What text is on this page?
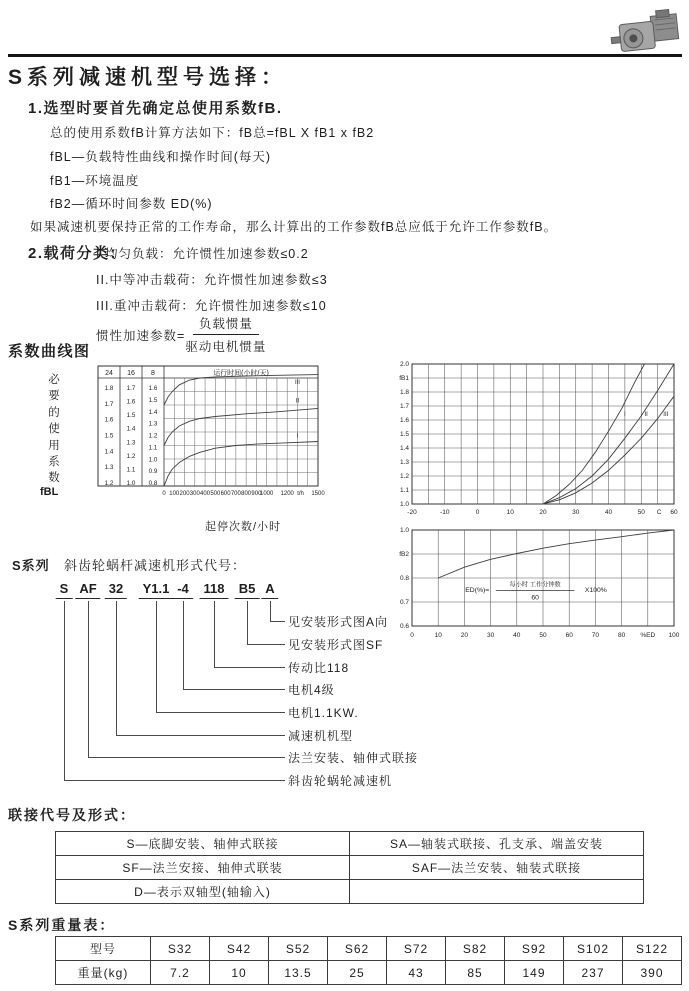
S系列减速机型号选择：
1.选型时要首先确定总使用系数fB.
总的使用系数fB计算方法如下：fB总=fBL X fB1 x fB2
fBL—负载特性曲线和操作时间(每天)
fB1—环境温度
fB2—循环时间参数 ED(%)
如果减速机要保持正常的工作寿命，那么计算出的工作参数fB总应低于允许工作参数fB。
2.载荷分类：
I.均匀负载：允许惯性加速参数≤0.2
II.中等冲击载荷：允许惯性加速参数≤3
III.重冲击载荷：允许惯性加速参数≤10
惯性加速参数= $\frac{\text{负载惯量}}{\text{驱动电机惯量}}$
系数曲线图
必
要
的
使
用
系
数
fBL
运行时间(小时/天)
24
1.8
1.7
1.6
1.5
1.4
1.3
1.2
16
1.7
1.6
1.5
1.4
1.3
1.2
1.1
1.0
8
1.6
1.5
1.4
1.3
1.2
1.1
1.0
0.9
0.8
III
II
I
0 100 200 300 400 500 600 700 800 900
1000 1200 t/h 1500
起停次数/小时
2.0
fB1
1.8
1.7
1.6
1.5
1.4
1.3
1.2
1.1
1.0
-20	-10	0	10	20	30	40	50 C 60
I	II	III
1.0
fB2
0.8
0.7
0.6
0	10	20	30	40	50	60	70	80 %ED 100
ED(%)=
每小时 工作分钟数
60
X100%
S系列 斜齿轮蜗杆减速机形式代号：
S AF 32	Y1.1 -4	118	B5 A
见安装形式图A向
见安装形式图SF
传动比118
电机4级
电机1.1KW.
减速机机型
法兰安装、轴伸式联接
斜齿轮蜗轮减速机
联接代号及形式：
S—底脚安装、轴伸式联接	SA—轴装式联接、孔支承、端盖安装
SF—法兰安接、轴伸式联装	SAF—法兰安装、轴装式联接
D—表示双轴型(轴输入)	
S系列重量表：
型号	S32	S42	S52	S62	S72	S82	S92	S102	S122
重量(kg)	7.2	10	13.5	25	43	85	149	237	390
